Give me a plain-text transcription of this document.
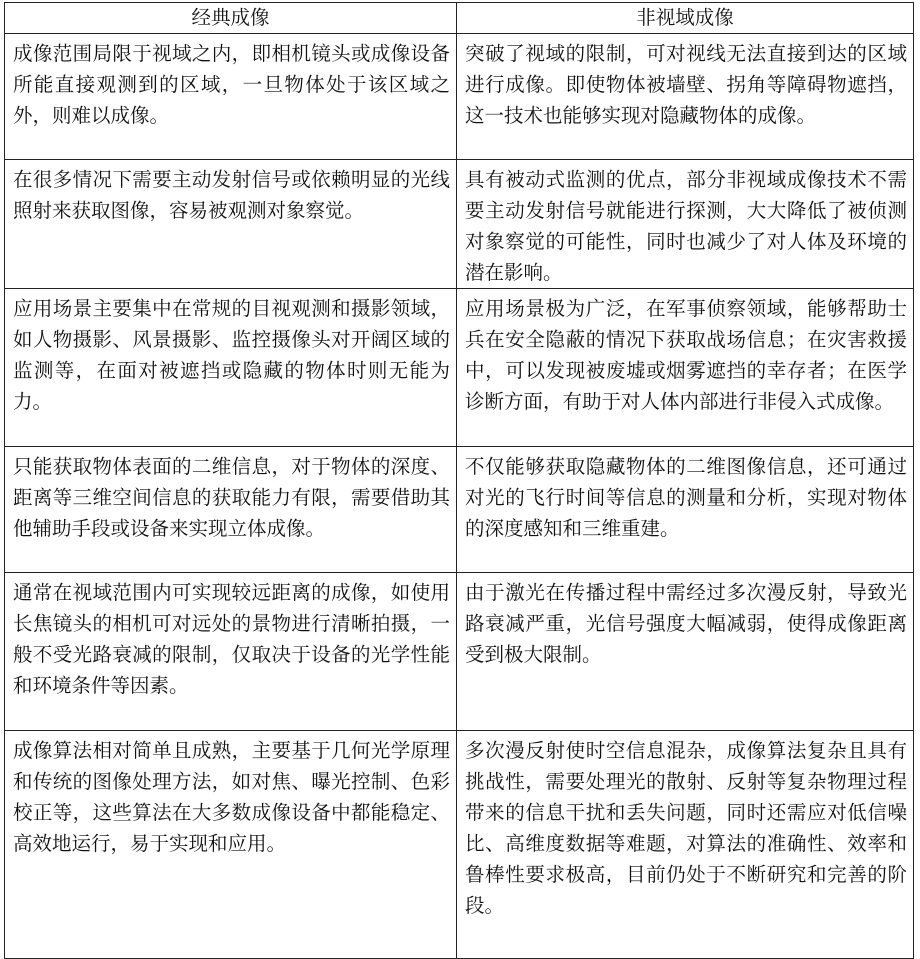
经典成像	非视域成像
成像范围局限于视域之内，即相机镜头或成像设备所能直接观测到的区域，一旦物体处于该区域之外，则难以成像。	突破了视域的限制，可对视线无法直接到达的区域进行成像。即使物体被墙壁、拐角等障碍物遮挡，这一技术也能够实现对隐藏物体的成像。
在很多情况下需要主动发射信号或依赖明显的光线照射来获取图像，容易被观测对象察觉。	具有被动式监测的优点，部分非视域成像技术不需要主动发射信号就能进行探测，大大降低了被侦测对象察觉的可能性，同时也减少了对人体及环境的潜在影响。
应用场景主要集中在常规的目视观测和摄影领域，如人物摄影、风景摄影、监控摄像头对开阔区域的监测等，在面对被遮挡或隐藏的物体时则无能为力。	应用场景极为广泛，在军事侦察领域，能够帮助士兵在安全隐蔽的情况下获取战场信息；在灾害救援中，可以发现被废墟或烟雾遮挡的幸存者；在医学诊断方面，有助于对人体内部进行非侵入式成像。
只能获取物体表面的二维信息，对于物体的深度、距离等三维空间信息的获取能力有限，需要借助其他辅助手段或设备来实现立体成像。	不仅能够获取隐藏物体的二维图像信息，还可通过对光的飞行时间等信息的测量和分析，实现对物体的深度感知和三维重建。
通常在视域范围内可实现较远距离的成像，如使用长焦镜头的相机可对远处的景物进行清晰拍摄，一般不受光路衰减的限制，仅取决于设备的光学性能和环境条件等因素。	由于激光在传播过程中需经过多次漫反射，导致光路衰减严重，光信号强度大幅减弱，使得成像距离受到极大限制。
成像算法相对简单且成熟，主要基于几何光学原理和传统的图像处理方法，如对焦、曝光控制、色彩校正等，这些算法在大多数成像设备中都能稳定、高效地运行，易于实现和应用。	多次漫反射使时空信息混杂，成像算法复杂且具有挑战性，需要处理光的散射、反射等复杂物理过程带来的信息干扰和丢失问题，同时还需应对低信噪比、高维度数据等难题，对算法的准确性、效率和鲁棒性要求极高，目前仍处于不断研究和完善的阶段。
